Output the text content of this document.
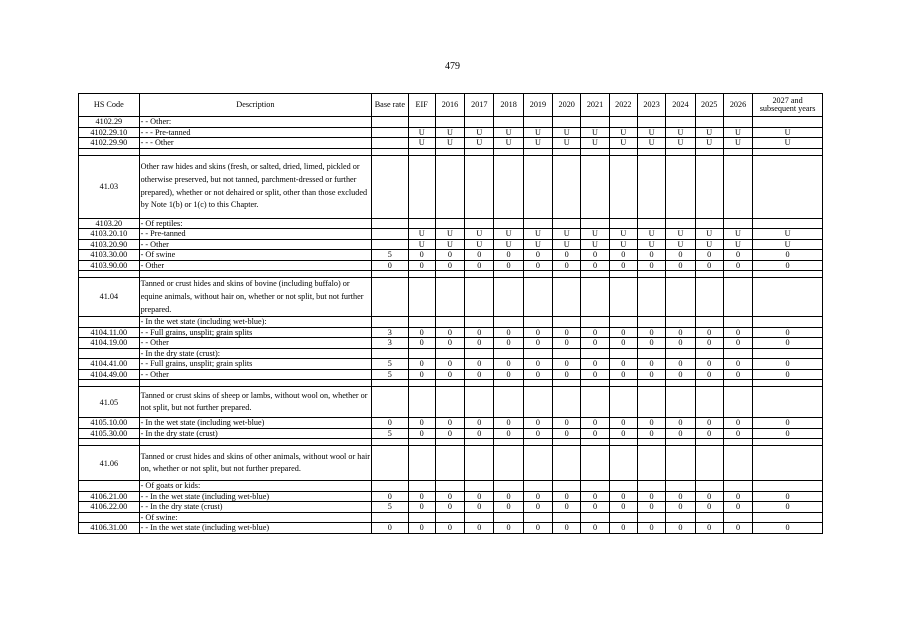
479
HS Code	Description	Base rate	EIF	2016	2017	2018	2019	2020	2021	2022	2023	2024	2025	2026	2027 and subsequent years
4102.29	- - Other:														
4102.29.10	- - - Pre-tanned		U	U	U	U	U	U	U	U	U	U	U	U	U
4102.29.90	- - - Other		U	U	U	U	U	U	U	U	U	U	U	U	U

41.03	Other raw hides and skins (fresh, or salted, dried, limed, pickled or otherwise preserved, but not tanned, parchment-dressed or further prepared), whether or not dehaired or split, other than those excluded by Note 1(b) or 1(c) to this Chapter.														
4103.20	- Of reptiles:														
4103.20.10	- - Pre-tanned		U	U	U	U	U	U	U	U	U	U	U	U	U
4103.20.90	- - Other		U	U	U	U	U	U	U	U	U	U	U	U	U
4103.30.00	- Of swine	5	0	0	0	0	0	0	0	0	0	0	0	0	0
4103.90.00	- Other	0	0	0	0	0	0	0	0	0	0	0	0	0	0

41.04	Tanned or crust hides and skins of bovine (including buffalo) or equine animals, without hair on, whether or not split, but not further prepared.														
	- In the wet state (including wet-blue):														
4104.11.00	- - Full grains, unsplit; grain splits	3	0	0	0	0	0	0	0	0	0	0	0	0	0
4104.19.00	- - Other	3	0	0	0	0	0	0	0	0	0	0	0	0	0
	- In the dry state (crust):														
4104.41.00	- - Full grains, unsplit; grain splits	5	0	0	0	0	0	0	0	0	0	0	0	0	0
4104.49.00	- - Other	5	0	0	0	0	0	0	0	0	0	0	0	0	0

41.05	Tanned or crust skins of sheep or lambs, without wool on, whether or not split, but not further prepared.														
4105.10.00	- In the wet state (including wet-blue)	0	0	0	0	0	0	0	0	0	0	0	0	0	0
4105.30.00	- In the dry state (crust)	5	0	0	0	0	0	0	0	0	0	0	0	0	0

41.06	Tanned or crust hides and skins of other animals, without wool or hair on, whether or not split, but not further prepared.														
	- Of goats or kids:														
4106.21.00	- - In the wet state (including wet-blue)	0	0	0	0	0	0	0	0	0	0	0	0	0	0
4106.22.00	- - In the dry state (crust)	5	0	0	0	0	0	0	0	0	0	0	0	0	0
	- Of swine:														
4106.31.00	- - In the wet state (including wet-blue)	0	0	0	0	0	0	0	0	0	0	0	0	0	0
